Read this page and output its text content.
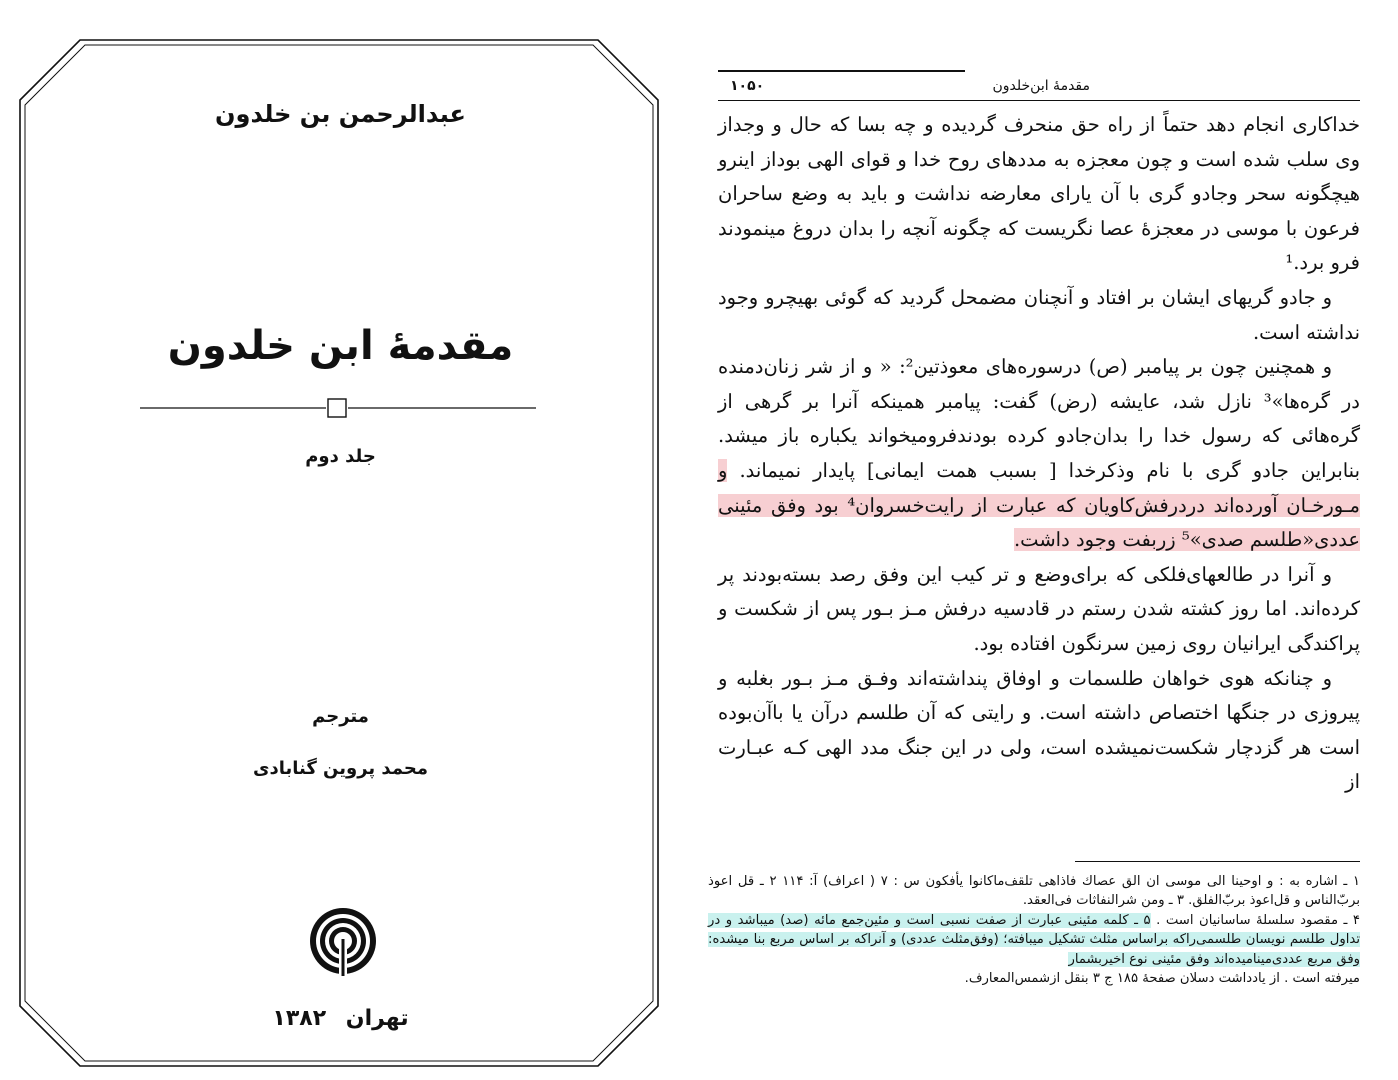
عبدالرحمن بن خلدون
مقدمهٔ ابن خلدون
جلد دوم
مترجم
محمد پروین گنابادی
تهران ۱۳۸۲
مقدمهٔ ابن‌خلدون
۱۰۵۰

خداکاری انجام دهد حتماً از راه حق منحرف گردیده و چه بسا که حال و وجداز وی سلب شده است و چون معجزه به مددهای روح خدا و قوای الهی بوداز اینرو هیچگونه سحر وجادو گری با آن یارای معارضه نداشت و باید به وضع ساحران فرعون با موسی در معجزهٔ عصا نگریست که چگونه آنچه را بدان دروغ مینمودند فرو برد.¹

و جادو گریهای ایشان بر افتاد و آنچنان مضمحل گردید که گوئی بهیچرو وجود نداشته است.

و همچنین چون بر پیامبر (ص) درسوره‌های معوذتین²: « و از شر زنان‌دمنده در گره‌ها»³ نازل شد، عایشه (رض) گفت: پیامبر همینکه آنرا بر گرهی از گره‌هائی که رسول خدا را بدان‌جادو کرده بودندفرومیخواند یکباره باز میشد. بنابراین جادو گری با نام وذکرخدا [ بسبب همت ایمانی] پایدار نمیماند. و مـورخـان آورده‌اند دردرفش‌کاویان که عبارت از رایت‌خسروان⁴ بود وفق مئینی عددی«طلسم صدی»⁵ زربفت وجود داشت.

و آنرا در طالعهای‌فلکی که برای‌وضع و تر کیب این وفق رصد بسته‌بودند پر کرده‌اند. اما روز کشته شدن رستم در قادسیه درفش مـز بـور پس از شکست و پراکندگی ایرانیان روی زمین سرنگون افتاده بود.

و چنانکه هوی خواهان طلسمات و اوفاق پنداشته‌اند وفـق مـز بـور بغلبه و پیروزی در جنگها اختصاص داشته است. و رایتی که آن طلسم درآن یا باآن‌بوده است هر گزدچار شکست‌نمیشده است، ولی در این جنگ مدد الهی کـه عبـارت از

۱ ـ اشاره به : و اوحینا الی موسی ان الق عصاك فاذاهی تلقف‌ماکانوا یأفکون س : ۷ ( اعراف) آ: ۱۱۴ ۲ ـ قل اعوذ بربّ‌الناس و قل‌اعوذ بربّ‌الفلق. ۳ ـ ومن شرالنفاثات فی‌العقد.

۴ ـ مقصود سلسلهٔ ساسانیان است . ۵ ـ کلمه مئینی عبارت از صفت نسبی است و مئین‌جمع مائه (صد) میباشد و در تداول طلسم نویسان طلسمی‌راکه براساس مثلث تشکیل میبافته؛ (وفق‌مثلث عددی) و آنراکه بر اساس مربع بنا میشده: وفق مربع عددی‌مینامیده‌اند وفق مئینی نوع اخیربشمار

میرفته است . از یادداشت دسلان صفحهٔ ۱۸۵ ج ۳ بنقل ازشمس‌المعارف.
